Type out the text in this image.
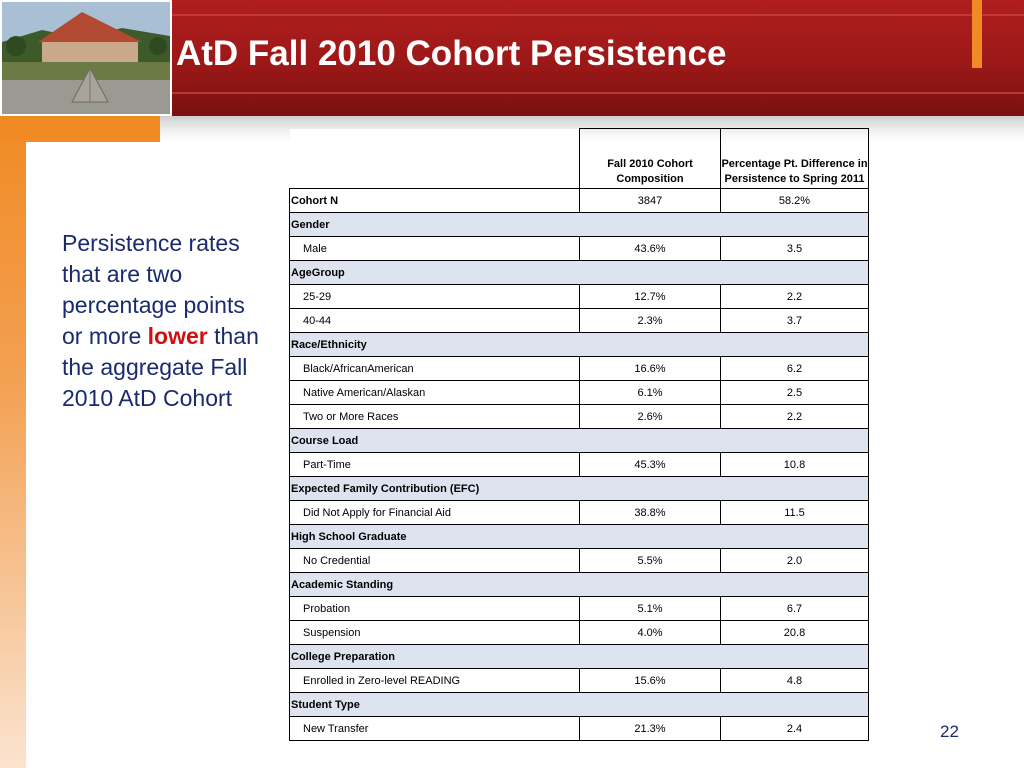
AtD Fall 2010 Cohort Persistence
Persistence rates that are two percentage points or more lower than the aggregate Fall 2010 AtD Cohort
	Fall 2010 Cohort Composition	Percentage Pt. Difference in Persistence to Spring 2011
Cohort N	3847	58.2%
Gender		
Male	43.6%	3.5
AgeGroup		
25-29	12.7%	2.2
40-44	2.3%	3.7
Race/Ethnicity		
Black/AfricanAmerican	16.6%	6.2
Native American/Alaskan	6.1%	2.5
Two or More Races	2.6%	2.2
Course Load		
Part-Time	45.3%	10.8
Expected Family Contribution (EFC)		
Did Not Apply for Financial Aid	38.8%	11.5
High School Graduate		
No Credential	5.5%	2.0
Academic Standing		
Probation	5.1%	6.7
Suspension	4.0%	20.8
College Preparation		
Enrolled in Zero-level READING	15.6%	4.8
Student Type		
New Transfer	21.3%	2.4	22
